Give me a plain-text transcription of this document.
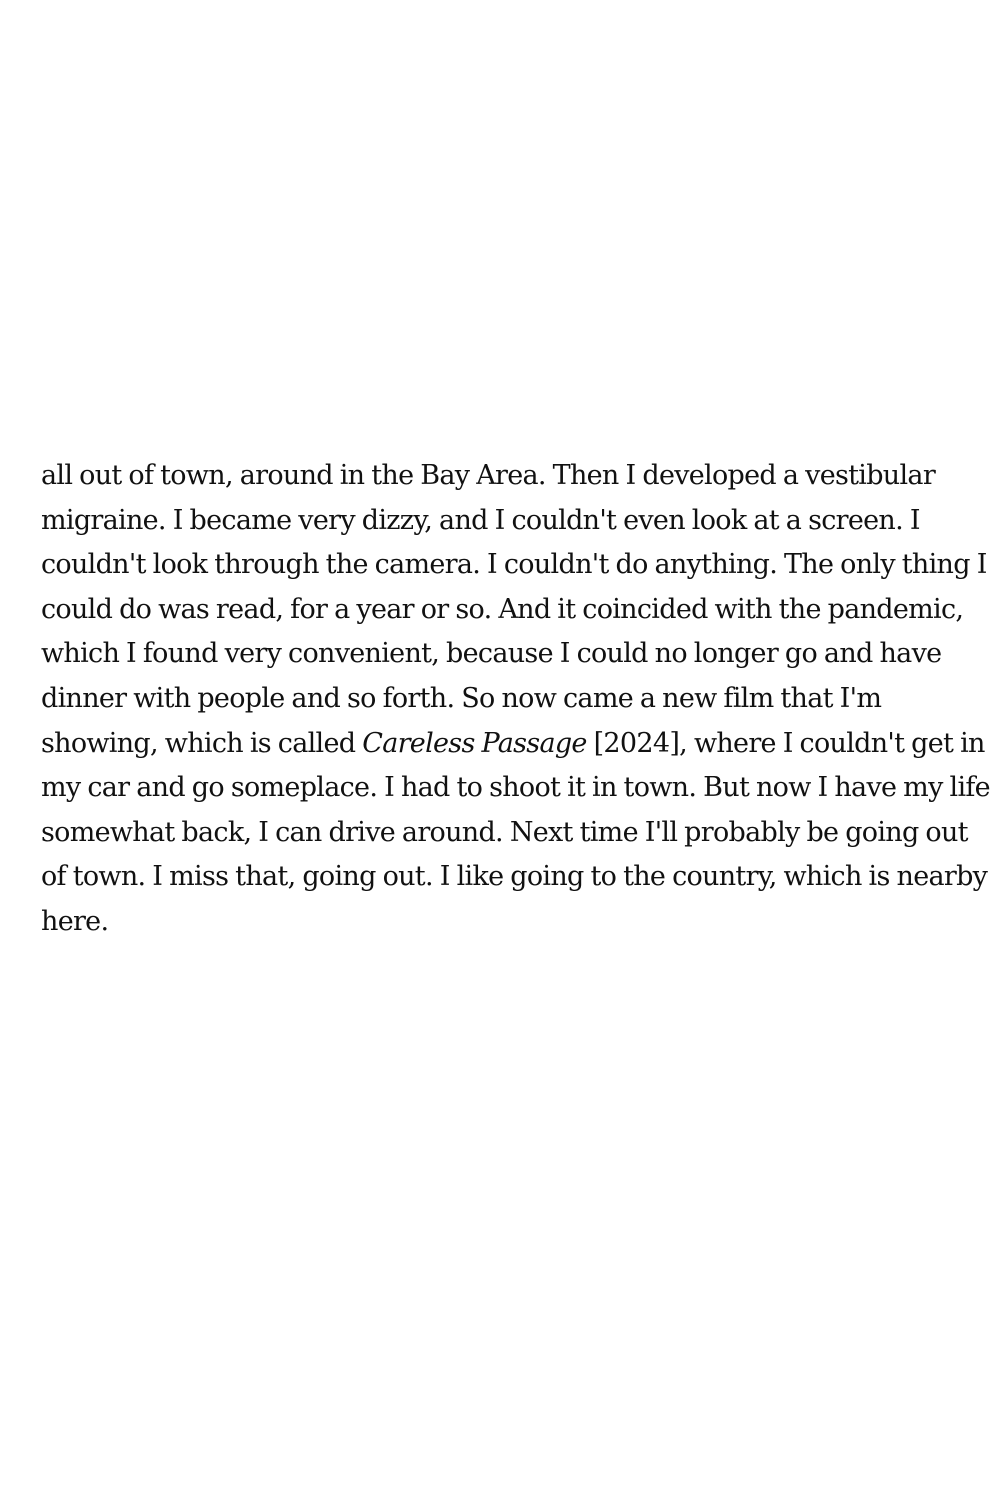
all out of town, around in the Bay Area. Then I developed a vestibular migraine. I became very dizzy, and I couldn't even look at a screen. I couldn't look through the camera. I couldn't do anything. The only thing I could do was read, for a year or so. And it coincided with the pandemic, which I found very convenient, because I could no longer go and have dinner with people and so forth. So now came a new film that I'm showing, which is called Careless Passage [2024], where I couldn't get in my car and go someplace. I had to shoot it in town. But now I have my life somewhat back, I can drive around. Next time I'll probably be going out of town. I miss that, going out. I like going to the country, which is nearby here.
